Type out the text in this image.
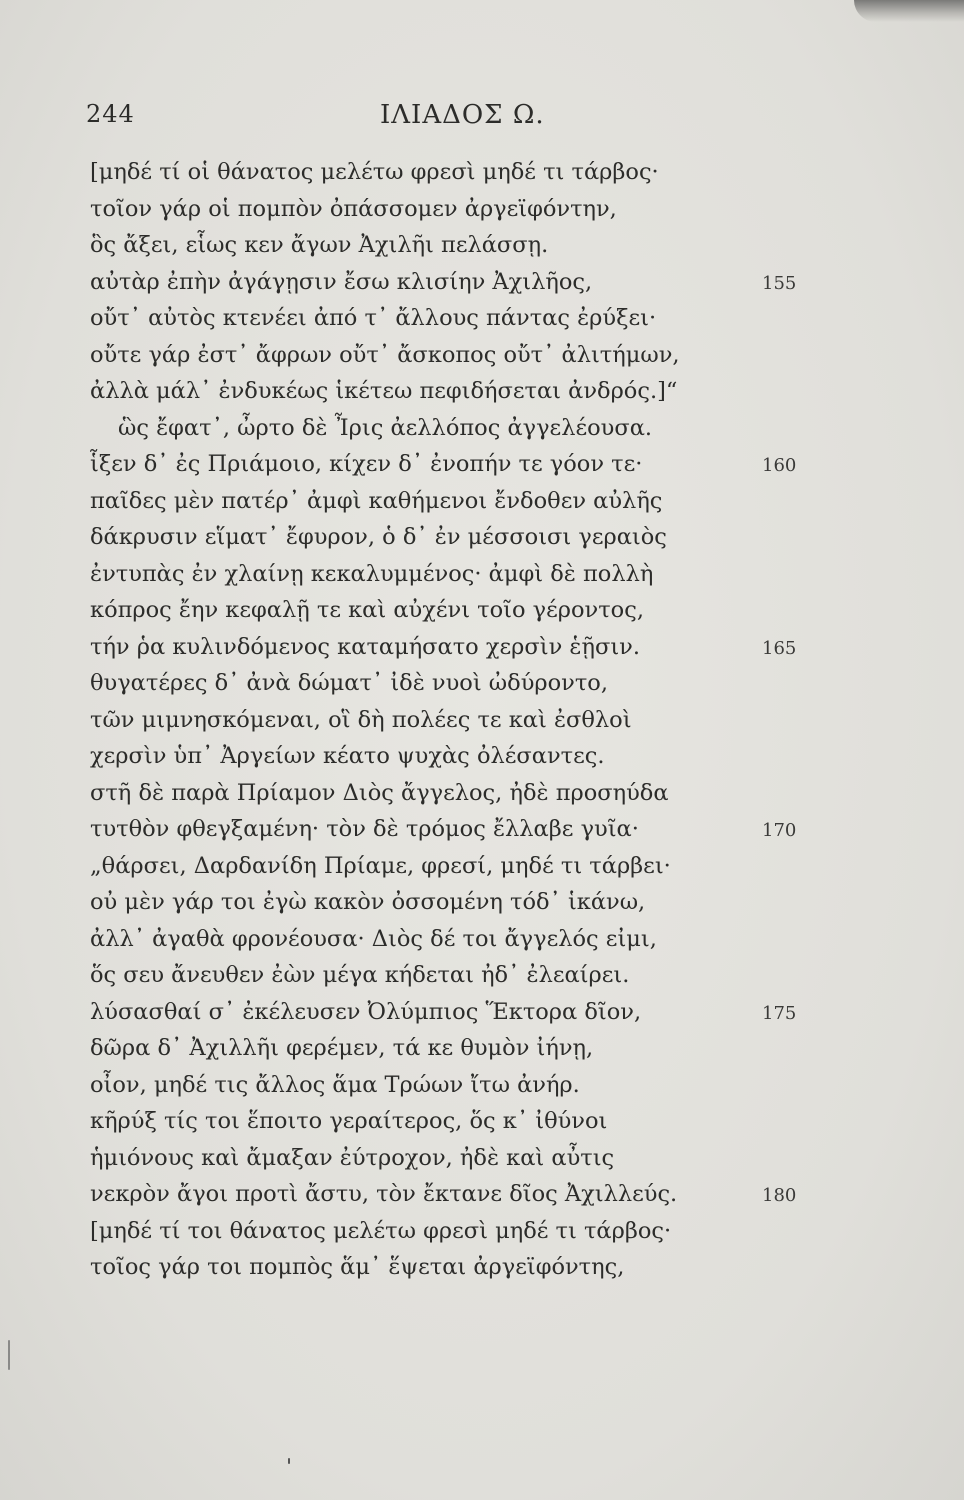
244	ΙΛΙΑΔΟΣ Ω.
[μηδέ τί οἱ θάνατος μελέτω φρεσὶ μηδέ τι τάρβος·
τοῖον γάρ οἱ πομπὸν ὀπάσσομεν ἀργεϊφόντην,
ὃς ἄξει, εἷως κεν ἄγων Ἀχιλῆι πελάσσῃ.
αὐτὰρ ἐπὴν ἀγάγῃσιν ἔσω κλισίην Ἀχιλῆος,	155
οὔτ᾽ αὐτὸς κτενέει ἀπό τ᾽ ἄλλους πάντας ἐρύξει·
οὔτε γάρ ἐστ᾽ ἄφρων οὔτ᾽ ἄσκοπος οὔτ᾽ ἀλιτήμων,
ἀλλὰ μάλ᾽ ἐνδυκέως ἱκέτεω πεφιδήσεται ἀνδρός.]“
ὣς ἔφατ᾽, ὦρτο δὲ Ἶρις ἀελλόπος ἀγγελέουσα.
ἷξεν δ᾽ ἐς Πριάμοιο, κίχεν δ᾽ ἐνοπήν τε γόον τε·	160
παῖδες μὲν πατέρ᾽ ἀμφὶ καθήμενοι ἔνδοθεν αὐλῆς
δάκρυσιν εἵματ᾽ ἔφυρον, ὁ δ᾽ ἐν μέσσοισι γεραιὸς
ἐντυπὰς ἐν χλαίνῃ κεκαλυμμένος· ἀμφὶ δὲ πολλὴ
κόπρος ἔην κεφαλῇ τε καὶ αὐχένι τοῖο γέροντος,
τήν ῥα κυλινδόμενος καταμήσατο χερσὶν ἑῇσιν.	165
θυγατέρες δ᾽ ἀνὰ δώματ᾽ ἰδὲ νυοὶ ὠδύροντο,
τῶν μιμνησκόμεναι, οἳ δὴ πολέες τε καὶ ἐσθλοὶ
χερσὶν ὑπ᾽ Ἀργείων κέατο ψυχὰς ὀλέσαντες.
στῆ δὲ παρὰ Πρίαμον Διὸς ἄγγελος, ἠδὲ προσηύδα
τυτθὸν φθεγξαμένη· τὸν δὲ τρόμος ἔλλαβε γυῖα·	170
„θάρσει, Δαρδανίδη Πρίαμε, φρεσί, μηδέ τι τάρβει·
οὐ μὲν γάρ τοι ἐγὼ κακὸν ὀσσομένη τόδ᾽ ἱκάνω,
ἀλλ᾽ ἀγαθὰ φρονέουσα· Διὸς δέ τοι ἄγγελός εἰμι,
ὅς σευ ἄνευθεν ἐὼν μέγα κήδεται ἠδ᾽ ἐλεαίρει.
λύσασθαί σ᾽ ἐκέλευσεν Ὀλύμπιος Ἕκτορα δῖον,	175
δῶρα δ᾽ Ἀχιλλῆι φερέμεν, τά κε θυμὸν ἰήνῃ,
οἶον, μηδέ τις ἄλλος ἅμα Τρώων ἴτω ἀνήρ.
κῆρύξ τίς τοι ἕποιτο γεραίτερος, ὅς κ᾽ ἰθύνοι
ἡμιόνους καὶ ἄμαξαν ἐύτροχον, ἠδὲ καὶ αὖτις
νεκρὸν ἄγοι προτὶ ἄστυ, τὸν ἔκτανε δῖος Ἀχιλλεύς.	180
[μηδέ τί τοι θάνατος μελέτω φρεσὶ μηδέ τι τάρβος·
τοῖος γάρ τοι πομπὸς ἅμ᾽ ἕψεται ἀργεϊφόντης,
